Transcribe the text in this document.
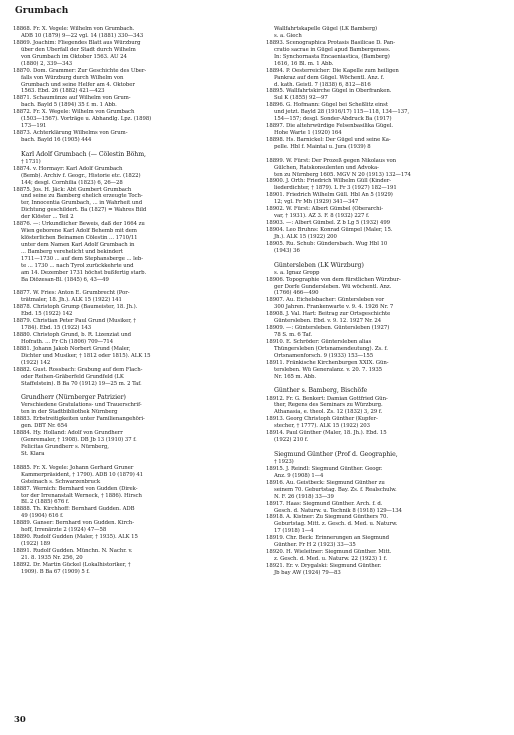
Grumbach
18868. Fr. X. Vegele: Wilhelm von Grumbach.
ADB 10 (1879) 9—22 vgl. 14 (1881) 330—343
18869. Joachim: Fliegendes Blatt aus Würzburg
über den Überfall der Stadt durch Wilhelm
von Grumbach im Oktober 1563. AU 24
(1880) 2, 339—343
18870. Dom. Grammer: Zur Geschichte des Über-
falls von Würzburg durch Wilhelm von
Grumbach und seine Helfer am 4. Oktober
1563. Ebd. 26 (1882) 421—423
18871. Schaumünze auf Wilhelm von Grum-
bach. Bayld 5 (1894) 35 f. m. 1 Abb.
18872. Fr. X. Wegele: Wilhelm von Grumbach
(1503—1567). Vorträge u. Abhandlg. Lpz. (1898)
173—191
18873. Achterklärung Wilhelms von Grum-
bach. Bayld 16 (1905) 444
Karl Adolf Grumbach (— Cölestin Böhm,
† 1731)
18874. v. Hormayr: Karl Adolf Grumbach
(Bemb). Archiv f. Geogr., Historie etc. (1822)
144; desgl. Cornhilia (1823) 6, 26—28
18875. Jos. H. Jäck: Abt Gumbert Grumbach
und seine zu Bamberg ehelich erzeugte Toch-
ter, Innocentia Grumbach, ... in Wahrheit und
Dichtung geschildert. Ba (1827) = Wahres Bild
der Klöster ... Teil 2
18876. —: Urkundlicher Beweis, daß der 1664 zu
Wien geborene Karl Adolf Behemb mit dem
klösterlichen Beinamen Cölestin ... 1710/11
unter dem Namen Karl Adolf Grumbach in
... Bamberg verehelicht und bekindert
1711—1730 ... auf dem Stephansberge ... leb-
te ... 1730 ... nach Tyrol zurückkehrte und
am 14. Dezember 1731 höchst bußfertig starb.
Ba Diözesan-Bl. (1845) 6, 43—49
18877. W. Fries: Anton E. Grumbrecht (Por-
trätmaler, 18. Jh.). ALK 15 (1922) 141
18878. Christoph Grump (Baumeister, 18. Jh.).
Ebd. 15 (1922) 142
18879. Christian Peter Paul Grund (Musiker, †
1784). Ebd. 15 (1922) 143
18880. Christoph Grund, b. R. Lizenziat und
Hofrath. ... Fr Ch (1806) 709—714
18881. Johann Jakob Norbert Grund (Maler,
Dichter und Musiker, † 1812 oder 1815). ALK 15
(1922) 142
18882. Gust. Rossbach: Grabung auf dem Flach-
oder Reihen-Gräberfeld Grundfeld (LK
Staffelstein). B Ba 70 (1912) 19—25 m. 2 Taf.
Grundherr (Nürnberger Patrizier)
Verschiedene Gratulations- und Trauerschrif-
ten in der Stadtbibliothek Nürnberg
18883. Erbstreitigkeiten unter Familienangehöri-
gen. DBT Nr. 654
18884. Hy. Holland: Adolf von Grundherr
(Genremaler, † 1908). DB Jb 13 (1910) 37 f.
Felicitas Grundherr s. Nürnberg,
St. Klara
18885. Fr. X. Vegele: Johann Gerhard Gruner
Kammerpräsident, † 1790). ADB 10 (1879) 41
Gsteinach s. Schwarzenbruck
18887. Wernich: Bernhard von Gudden (Direk-
tor der Irrenanstalt Werneck, † 1886). Hirsch
BL 2 (1885) 676 f.
18888. Th. Kirchhoff: Bernhard Gudden. ADB
49 (1904) 616 f.
18889. Ganser: Bernhard von Gudden. Kirch-
hoff, Irrenärzte 2 (1924) 47—58
18890. Rudolf Gudden (Maler, † 1935). ALK 15
(1922) 189
18891. Rudolf Gudden. Münchn. N. Nachr. v.
21. 8. 1935 Nr. 256, 20
18892. Dr. Martin Gückel (Lokalhistoriker, †
1909). B Ba 67 (1909) 5 f.
Wallfahrtskapelle Gügel (LK Bamberg)
s. a. Giech
18893. Scenographica Protasis Basilicae D. Pan-
cratio sacrae in Gügel apud Bambergenses.
In: Synchornasta Encaeniastica, (Bamberg)
1616, 16 Bl. m. 1 Abb.
18894. P. Oesterreicher: Die Kapelle zum heiligen
Pankraz auf dem Gügel. Wöchentl. Anz. f.
d. kath. Geistl. 7 (1838) 6, 812—816
18895. Wallfahrtskirche Gügel in Oberfranken.
Sul K (1855) 92—97
18896. G. Hofmann: Gügel bei Scheßlitz einst
und jetzt. Bayld 28 (1916/17) 115—118, 134—137,
154—157; desgl. Sonder-Abdruck Ba (1917)
18897. Die altehrwürdige Felsenbasilika Gügel.
Hohe Warte 1 (1920) 164
18898. Hs. Barnickel: Der Gügel und seine Ka-
pelle. Hbl f. Maintal u. Jura (1939) 8
18899. W. Fürst: Der Prozeß gegen Nikolaus von
Gülchen, Ratskonsulenten und Advoka-
ten zu Nürnberg 1605. MGV N 20 (1913) 132—174
18900. J. Orth: Friedrich Wilhelm Güll (Kinder-
liederdichter, † 1879). L Fr 3 (1927) 182—191
18901. Friedrich Wilhelm Güll. Hbl An 5 (1929)
12; vgl. Fr Mh (1929) 341—347
18902. W. Fürst: Albert Gümbel (Oberarchi-
var, † 1931). AZ 3. F. 8 (1932) 227 f.
18903. —: Albert Gümbel. Z b Lg 5 (1932) 499
18904. Leo Bruhns: Konrad Gümpel (Maler, 15.
Jh.). ALK 15 (1922) 200
18905. Ru. Schub: Gündersbach. Wug Hbl 10
(1943) 36
Güntersleben (LK Würzburg)
s. a. Ignaz Gropp
18906. Topographie von dem fürstlichen Würzbur-
ger Dorfe Gundersleben. Wü wöchentl. Anz.
(1766) 466—490
18907. Au. Eichelsbacher: Güntersleben vor
300 Jahren. Frankenwarte v. 9. 4. 1926 Nr. 7
18908. J. Val. Hart: Beitrag zur Ortsgeschichte
Güntersleben. Ebd. v. 9. 12. 1927 Nr. 24
18909. —: Güntersleben. Güntersleben (1927)
78 S. m. 6 Taf.
18910. E. Schröder: Güntersleben alias
Thüngersleben (Ortsnamendeutung). Zs. f.
Ortsnamenforsch. 9 (1933) 153—155
18911. Fränkische Kirchenburgen XXIX. Gün-
tersleben. Wü Generalanz. v. 20. 7. 1935
Nr. 165 m. Abb.
Günther s. Bamberg, Bischöfe
18912. Fr. G. Benkert: Damian Gottfried Gün-
ther, Regens des Seminars zu Würzburg.
Athanasia, e. theol. Zs. 12 (1832) 3, 29 f.
18913. Georg Christoph Günther (Kupfer-
stecher, † 1777). ALK 15 (1922) 203
18914. Paul Günther (Maler, 18. Jh.). Ebd. 15
(1922) 210 f.
Siegmund Günther (Prof d. Geographie,
† 1923)
18915. J. Reindl: Siegmund Günther. Geogr.
Anz. 9 (1908) 1—4
18916. Au. Geistbeck: Siegmund Günther zu
seinem 70. Geburtstag. Bay. Zs. f. Realschulw.
N. F. 26 (1918) 33—39
18917. Haas: Siegmund Günther. Arch. f. d.
Gesch. d. Naturw. u. Technik 8 (1918) 129—134
18918. A. Kistner: Zu Siegmund Günthers 70.
Geburtstag. Mitt. z. Gesch. d. Med. u. Naturw.
17 (1918) 1—4
18919. Chr. Beck: Erinnerungen an Siegmund
Günther. Fr H 2 (1923) 33—35
18920. H. Wieleitner: Siegmund Günther. Mitt.
z. Gesch. d. Med. u. Naturw. 22 (1923) 1 f.
18921. Er. v. Drygalski: Siegmund Günther.
Jb bay AW (1924) 79—83
30
